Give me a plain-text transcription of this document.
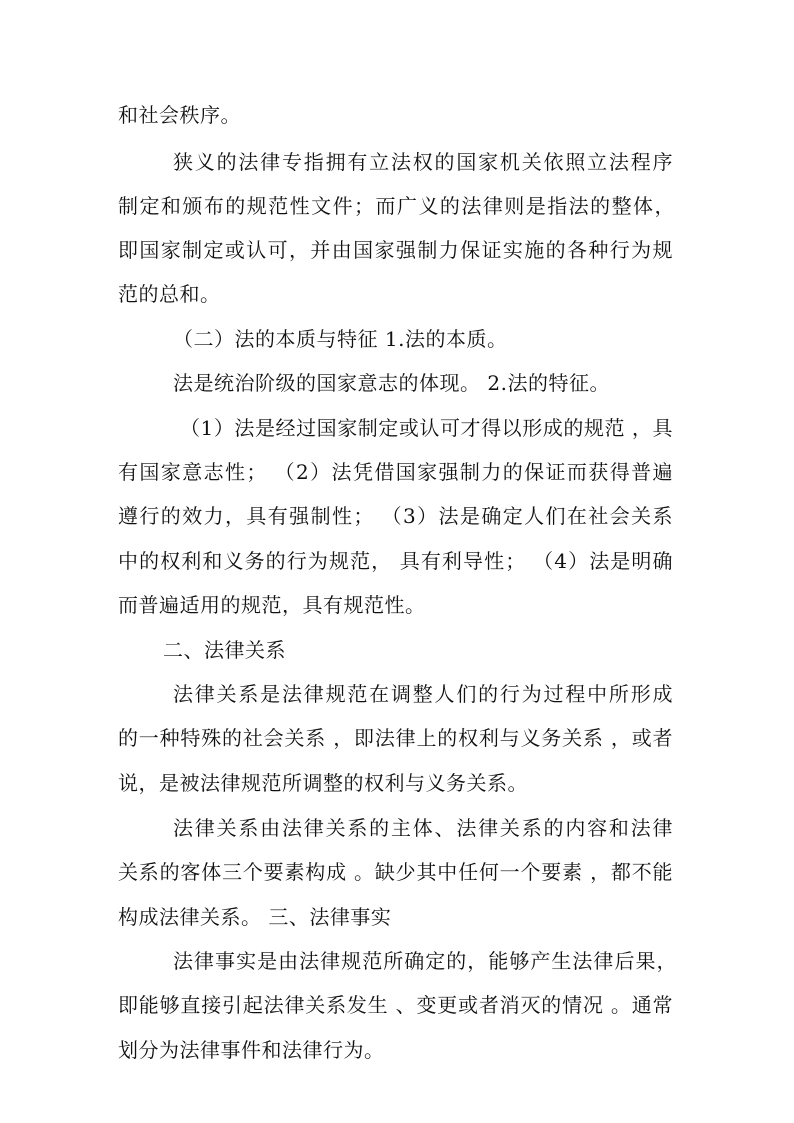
和社会秩序。
狭义的法律专指拥有立法权的国家机关依照立法程序
制定和颁布的规范性文件；而广义的法律则是指法的整体，
即国家制定或认可，并由国家强制力保证实施的各种行为规
范的总和。
（二）法的本质与特征 1.法的本质。
法是统治阶级的国家意志的体现。 2.法的特征。
（1）法是经过国家制定或认可才得以形成的规范 ，具
有国家意志性； （2）法凭借国家强制力的保证而获得普遍
遵行的效力，具有强制性； （3）法是确定人们在社会关系
中的权利和义务的行为规范， 具有利导性； （4）法是明确
而普遍适用的规范，具有规范性。
二、法律关系
法律关系是法律规范在调整人们的行为过程中所形成
的一种特殊的社会关系 ，即法律上的权利与义务关系 ，或者
说，是被法律规范所调整的权利与义务关系。
法律关系由法律关系的主体、法律关系的内容和法律
关系的客体三个要素构成 。缺少其中任何一个要素 ，都不能
构成法律关系。 三、法律事实
法律事实是由法律规范所确定的，能够产生法律后果，
即能够直接引起法律关系发生 、变更或者消灭的情况 。通常
划分为法律事件和法律行为。
